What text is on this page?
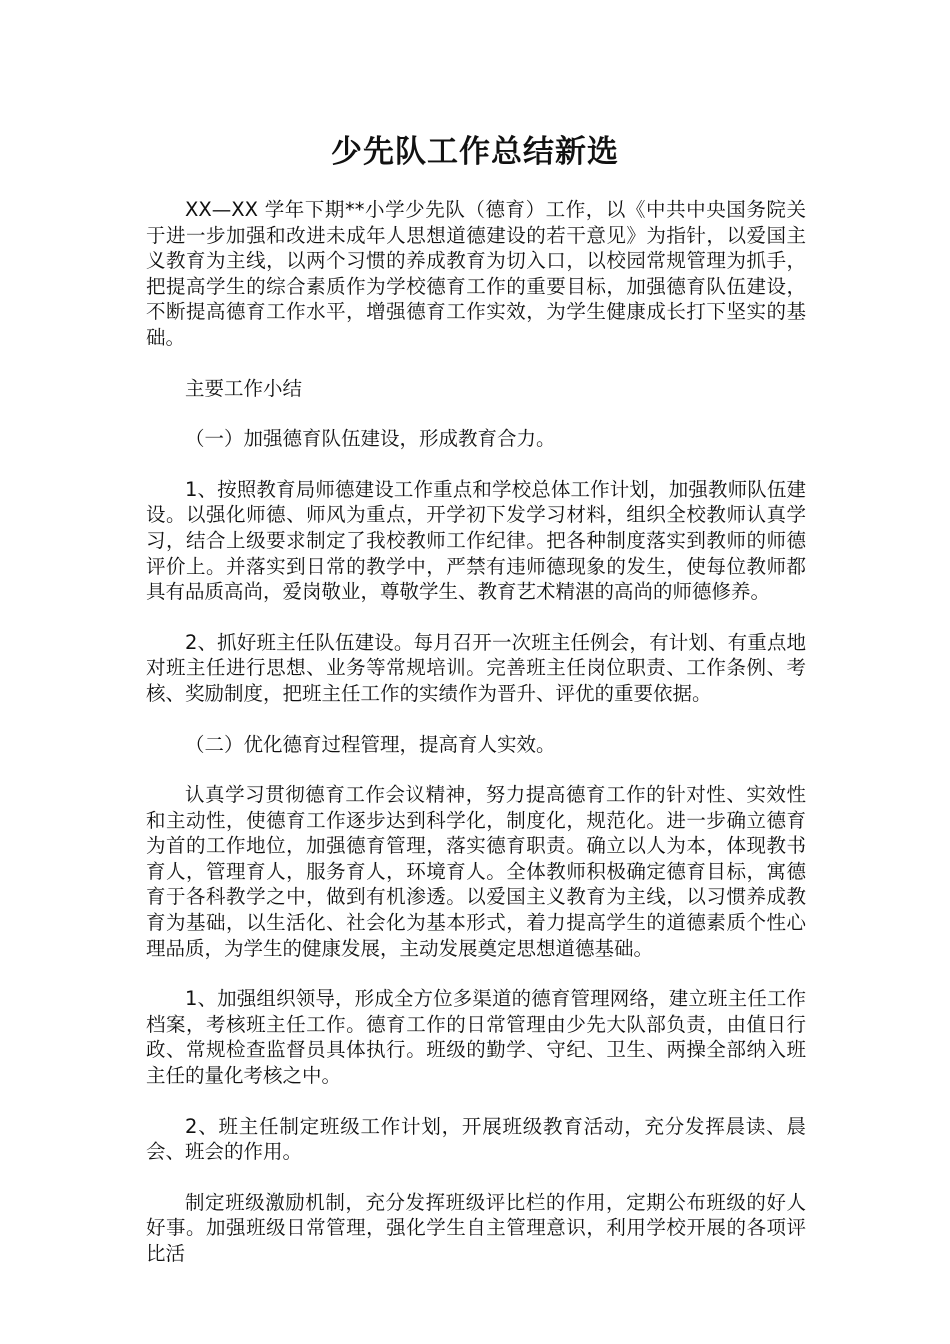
少先队工作总结新选

XX—XX 学年下期**小学少先队（德育）工作，以《中共中央国务院关于进一步加强和改进未成年人思想道德建设的若干意见》为指针，以爱国主义教育为主线，以两个习惯的养成教育为切入口，以校园常规管理为抓手，把提高学生的综合素质作为学校德育工作的重要目标，加强德育队伍建设，不断提高德育工作水平，增强德育工作实效，为学生健康成长打下坚实的基础。

主要工作小结

（一）加强德育队伍建设，形成教育合力。

1、按照教育局师德建设工作重点和学校总体工作计划，加强教师队伍建设。以强化师德、师风为重点，开学初下发学习材料，组织全校教师认真学习，结合上级要求制定了我校教师工作纪律。把各种制度落实到教师的师德评价上。并落实到日常的教学中，严禁有违师德现象的发生，使每位教师都具有品质高尚，爱岗敬业，尊敬学生、教育艺术精湛的高尚的师德修养。

2、抓好班主任队伍建设。每月召开一次班主任例会，有计划、有重点地对班主任进行思想、业务等常规培训。完善班主任岗位职责、工作条例、考核、奖励制度，把班主任工作的实绩作为晋升、评优的重要依据。

（二）优化德育过程管理，提高育人实效。

认真学习贯彻德育工作会议精神，努力提高德育工作的针对性、实效性和主动性，使德育工作逐步达到科学化，制度化，规范化。进一步确立德育为首的工作地位，加强德育管理，落实德育职责。确立以人为本，体现教书育人，管理育人，服务育人，环境育人。全体教师积极确定德育目标，寓德育于各科教学之中，做到有机渗透。以爱国主义教育为主线，以习惯养成教育为基础，以生活化、社会化为基本形式，着力提高学生的道德素质个性心理品质，为学生的健康发展，主动发展奠定思想道德基础。

1、加强组织领导，形成全方位多渠道的德育管理网络，建立班主任工作档案，考核班主任工作。德育工作的日常管理由少先大队部负责，由值日行政、常规检查监督员具体执行。班级的勤学、守纪、卫生、两操全部纳入班主任的量化考核之中。

2、班主任制定班级工作计划，开展班级教育活动，充分发挥晨读、晨会、班会的作用。

制定班级激励机制，充分发挥班级评比栏的作用，定期公布班级的好人好事。加强班级日常管理，强化学生自主管理意识，利用学校开展的各项评比活
